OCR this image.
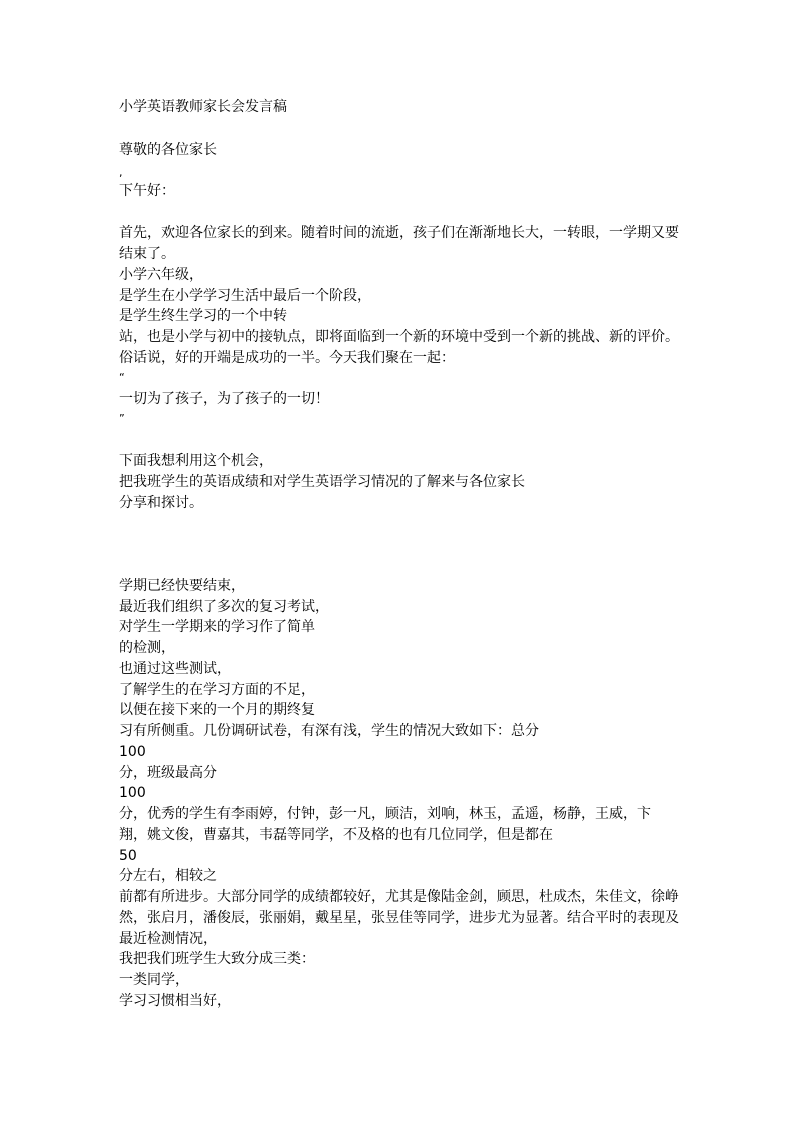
小学英语教师家长会发言稿
尊敬的各位家长
,
下午好：
首先，欢迎各位家长的到来。随着时间的流逝，孩子们在渐渐地长大，一转眼，一学期又要
结束了。
小学六年级，
是学生在小学学习生活中最后一个阶段，
是学生终生学习的一个中转
站，也是小学与初中的接轨点，即将面临到一个新的环境中受到一个新的挑战、新的评价。
俗话说，好的开端是成功的一半。今天我们聚在一起：
“
一切为了孩子，为了孩子的一切！
”
下面我想利用这个机会，
把我班学生的英语成绩和对学生英语学习情况的了解来与各位家长
分享和探讨。
学期已经快要结束，
最近我们组织了多次的复习考试，
对学生一学期来的学习作了简单
的检测，
也通过这些测试，
了解学生的在学习方面的不足，
以便在接下来的一个月的期终复
习有所侧重。几份调研试卷，有深有浅，学生的情况大致如下：总分
100
分，班级最高分
100
分，优秀的学生有李雨婷，付钟，彭一凡，顾洁，刘响，林玉，孟遥，杨静，王威，卞
翔，姚文俊，曹嘉其，韦磊等同学，不及格的也有几位同学，但是都在
50
分左右，相较之
前都有所进步。大部分同学的成绩都较好，尤其是像陆金剑，顾思，杜成杰，朱佳文，徐峥
然，张启月，潘俊辰，张丽娟，戴星星，张昱佳等同学，进步尤为显著。结合平时的表现及
最近检测情况，
我把我们班学生大致分成三类：
一类同学，
学习习惯相当好，
